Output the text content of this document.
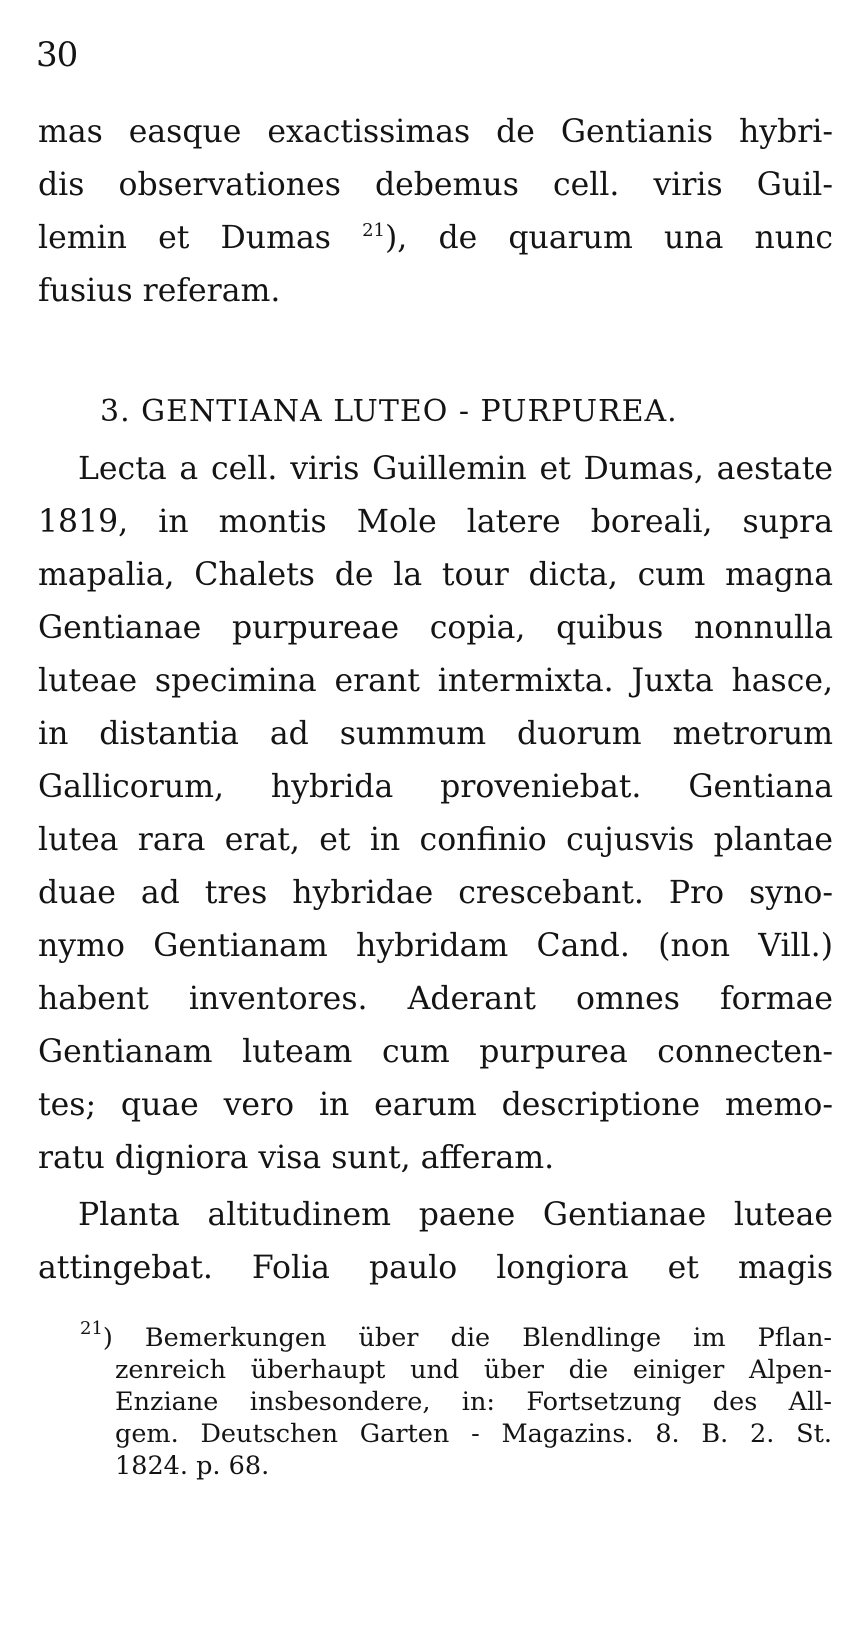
30
mas easque exactissimas de Gentianis hybri-
dis observationes debemus cell. viris Guil-
lemin et Dumas $^{21}$), de quarum una nunc
fusius referam.
3. GENTIANA LUTEO - PURPUREA.
Lecta a cell. viris Guillemin et Dumas, aestate
1819, in montis Mole latere boreali, supra
mapalia, Chalets de la tour dicta, cum magna
Gentianae purpureae copia, quibus nonnulla
luteae specimina erant intermixta. Juxta hasce,
in distantia ad summum duorum metrorum
Gallicorum, hybrida proveniebat. Gentiana
lutea rara erat, et in confinio cujusvis plantae
duae ad tres hybridae crescebant. Pro syno-
nymo Gentianam hybridam Cand. (non Vill.)
habent inventores. Aderant omnes formae
Gentianam luteam cum purpurea connecten-
tes; quae vero in earum descriptione memo-
ratu digniora visa sunt, afferam.
Planta altitudinem paene Gentianae luteae
attingebat. Folia paulo longiora et magis
$^{21}$) Bemerkungen über die Blendlinge im Pflan-
zenreich überhaupt und über die einiger Alpen-
Enziane insbesondere, in: Fortsetzung des All-
gem. Deutschen Garten - Magazins. 8. B. 2. St.
1824. p. 68.
